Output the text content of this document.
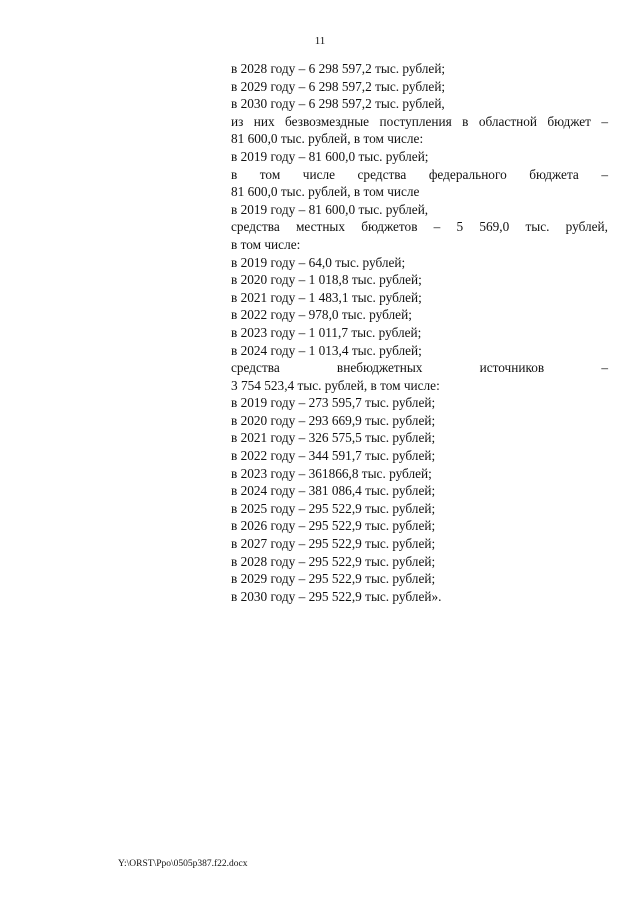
11
в 2028 году – 6 298 597,2 тыс. рублей;
в 2029 году – 6 298 597,2 тыс. рублей;
в 2030 году – 6 298 597,2 тыс. рублей,
из них безвозмездные поступления в областной бюджет –
81 600,0 тыс. рублей, в том числе:
в 2019 году – 81 600,0 тыс. рублей;
в том числе средства федерального бюджета –
81 600,0 тыс. рублей, в том числе
в 2019 году – 81 600,0 тыс. рублей,
средства местных бюджетов – 5 569,0 тыс. рублей,
в том числе:
в 2019 году – 64,0 тыс. рублей;
в 2020 году – 1 018,8 тыс. рублей;
в 2021 году – 1 483,1 тыс. рублей;
в 2022 году – 978,0 тыс. рублей;
в 2023 году – 1 011,7 тыс. рублей;
в 2024 году – 1 013,4 тыс. рублей;
средства	внебюджетных	источников	–
3 754 523,4 тыс. рублей, в том числе:
в 2019 году – 273 595,7 тыс. рублей;
в 2020 году – 293 669,9 тыс. рублей;
в 2021 году – 326 575,5 тыс. рублей;
в 2022 году – 344 591,7 тыс. рублей;
в 2023 году – 361866,8 тыс. рублей;
в 2024 году – 381 086,4 тыс. рублей;
в 2025 году – 295 522,9 тыс. рублей;
в 2026 году – 295 522,9 тыс. рублей;
в 2027 году – 295 522,9 тыс. рублей;
в 2028 году – 295 522,9 тыс. рублей;
в 2029 году – 295 522,9 тыс. рублей;
в 2030 году – 295 522,9 тыс. рублей».
Y:\ORST\Ppo\0505p387.f22.docx
